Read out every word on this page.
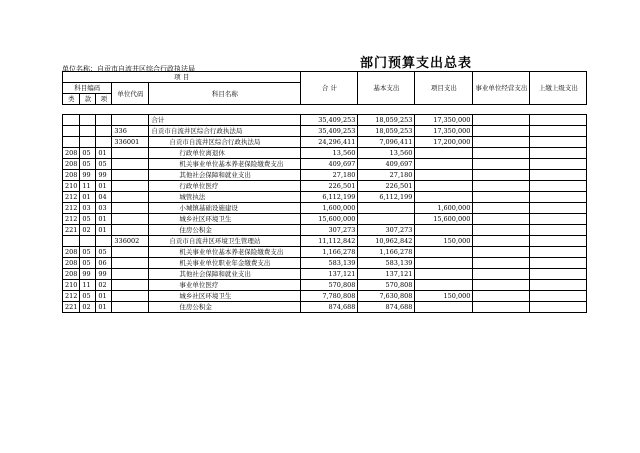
部门预算支出总表
单位名称：自贡市自流井区综合行政执法局
项 目					合 计	基本支出	项目支出	事业单位经营支出	上缴上级支出
科目编码			单位代码	科目名称					
类	款	项							

				合计	35,409,253	18,059,253	17,350,000		
			336	自贡市自流井区综合行政执法局	35,409,253	18,059,253	17,350,000		
			336001	自贡市自流井区综合行政执法局	24,296,411	7,096,411	17,200,000		
208	05	01		行政单位离退休	13,560	13,560			
208	05	05		机关事业单位基本养老保险缴费支出	409,697	409,697			
208	99	99		其他社会保障和就业支出	27,180	27,180			
210	11	01		行政单位医疗	226,501	226,501			
212	01	04		城管执法	6,112,199	6,112,199			
212	03	03		小城镇基础设施建设	1,600,000		1,600,000		
212	05	01		城乡社区环境卫生	15,600,000		15,600,000		
221	02	01		住房公积金	307,273	307,273			
			336002	自贡市自流井区环境卫生管理站	11,112,842	10,962,842	150,000		
208	05	05		机关事业单位基本养老保险缴费支出	1,166,278	1,166,278			
208	05	06		机关事业单位职业年金缴费支出	583,139	583,139			
208	99	99		其他社会保障和就业支出	137,121	137,121			
210	11	02		事业单位医疗	570,808	570,808			
212	05	01		城乡社区环境卫生	7,780,808	7,630,808	150,000		
221	02	01		住房公积金	874,688	874,688			
